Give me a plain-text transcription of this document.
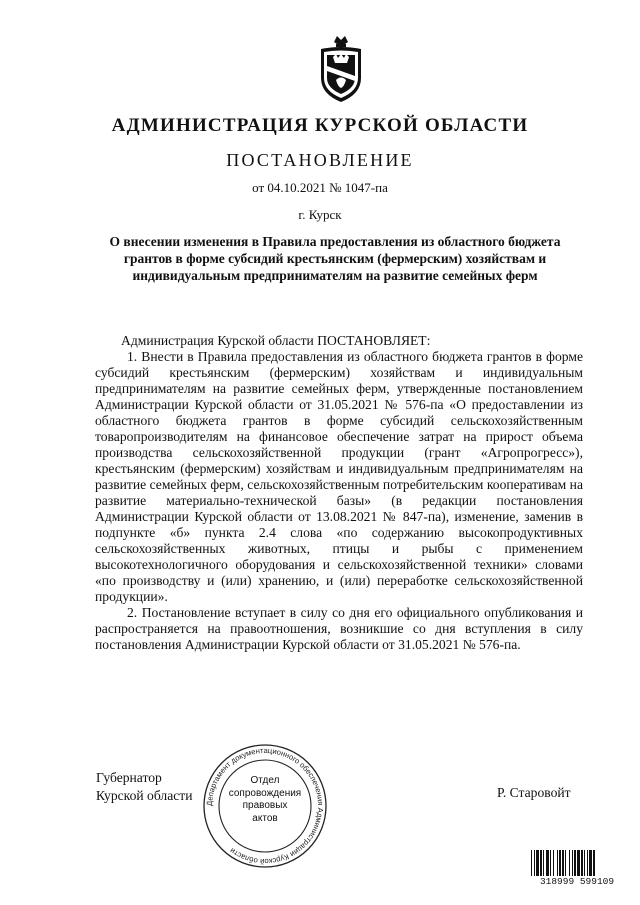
АДМИНИСТРАЦИЯ КУРСКОЙ ОБЛАСТИ
ПОСТАНОВЛЕНИЕ
от 04.10.2021 № 1047-па
г. Курск
О внесении изменения в Правила предоставления из областного бюджета грантов в форме субсидий крестьянским (фермерским) хозяйствам и индивидуальным предпринимателям на развитие семейных ферм

Администрация Курской области ПОСТАНОВЛЯЕТ:

1. Внести в Правила предоставления из областного бюджета грантов в форме субсидий крестьянским (фермерским) хозяйствам и индивидуальным предпринимателям на развитие семейных ферм, утвержденные постановлением Администрации Курской области от 31.05.2021 № 576-па «О предоставлении из областного бюджета грантов в форме субсидий сельскохозяйственным товаропроизводителям на финансовое обеспечение затрат на прирост объема производства сельскохозяйственной продукции (грант «Агропрогресс»), крестьянским (фермерским) хозяйствам и индивидуальным предпринимателям на развитие семейных ферм, сельскохозяйственным потребительским кооперативам на развитие материально-технической базы» (в редакции постановления Администрации Курской области от 13.08.2021 № 847-па), изменение, заменив в подпункте «б» пункта 2.4 слова «по содержанию высокопродуктивных сельскохозяйственных животных, птицы и рыбы с применением высокотехнологичного оборудования и сельскохозяйственной техники» словами «по производству и (или) хранению, и (или) переработке сельскохозяйственной продукции».

2. Постановление вступает в силу со дня его официального опубликования и распространяется на правоотношения, возникшие со дня вступления в силу постановления Администрации Курской области от 31.05.2021 № 576-па.

Губернатор
Курской области	Р. Старовойт
Департамент документационного обеспечения Администрации Курской области
Отдел
сопровождения
правовых
актов
318999 599109
